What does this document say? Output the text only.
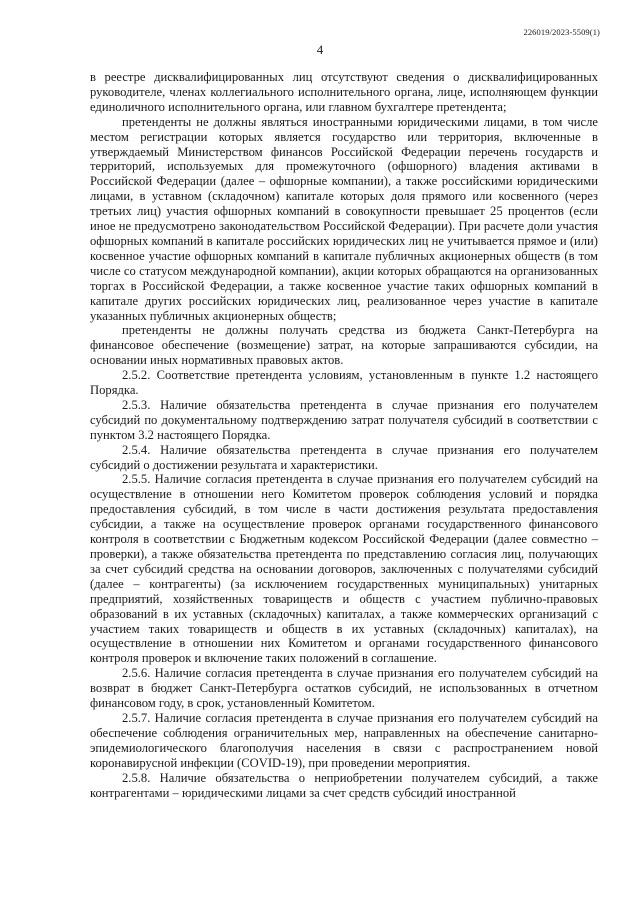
226019/2023-5509(1)
4

в реестре дисквалифицированных лиц отсутствуют сведения о дисквалифицированных руководителе, членах коллегиального исполнительного органа, лице, исполняющем функции единоличного исполнительного органа, или главном бухгалтере претендента;

претенденты не должны являться иностранными юридическими лицами, в том числе местом регистрации которых является государство или территория, включенные в утверждаемый Министерством финансов Российской Федерации перечень государств и территорий, используемых для промежуточного (офшорного) владения активами в Российской Федерации (далее – офшорные компании), а также российскими юридическими лицами, в уставном (складочном) капитале которых доля прямого или косвенного (через третьих лиц) участия офшорных компаний в совокупности превышает 25 процентов (если иное не предусмотрено законодательством Российской Федерации). При расчете доли участия офшорных компаний в капитале российских юридических лиц не учитывается прямое и (или) косвенное участие офшорных компаний в капитале публичных акционерных обществ (в том числе со статусом международной компании), акции которых обращаются на организованных торгах в Российской Федерации, а также косвенное участие таких офшорных компаний в капитале других российских юридических лиц, реализованное через участие в капитале указанных публичных акционерных обществ;

претенденты не должны получать средства из бюджета Санкт-Петербурга на финансовое обеспечение (возмещение) затрат, на которые запрашиваются субсидии, на основании иных нормативных правовых актов.

2.5.2. Соответствие претендента условиям, установленным в пункте 1.2 настоящего Порядка.

2.5.3. Наличие обязательства претендента в случае признания его получателем субсидий по документальному подтверждению затрат получателя субсидий в соответствии с пунктом 3.2 настоящего Порядка.

2.5.4. Наличие обязательства претендента в случае признания его получателем субсидий о достижении результата и характеристики.

2.5.5. Наличие согласия претендента в случае признания его получателем субсидий на осуществление в отношении него Комитетом проверок соблюдения условий и порядка предоставления субсидий, в том числе в части достижения результата предоставления субсидии, а также на осуществление проверок органами государственного финансового контроля в соответствии с Бюджетным кодексом Российской Федерации (далее совместно – проверки), а также обязательства претендента по представлению согласия лиц, получающих за счет субсидий средства на основании договоров, заключенных с получателями субсидий (далее – контрагенты) (за исключением государственных муниципальных) унитарных предприятий, хозяйственных товариществ и обществ с участием публично-правовых образований в их уставных (складочных) капиталах, а также коммерческих организаций с участием таких товариществ и обществ в их уставных (складочных) капиталах), на осуществление в отношении них Комитетом и органами государственного финансового контроля проверок и включение таких положений в соглашение.

2.5.6. Наличие согласия претендента в случае признания его получателем субсидий на возврат в бюджет Санкт-Петербурга остатков субсидий, не использованных в отчетном финансовом году, в срок, установленный Комитетом.

2.5.7. Наличие согласия претендента в случае признания его получателем субсидий на обеспечение соблюдения ограничительных мер, направленных на обеспечение санитарно-эпидемиологического благополучия населения в связи с распространением новой коронавирусной инфекции (COVID-19), при проведении мероприятия.

2.5.8. Наличие обязательства о неприобретении получателем субсидий, а также контрагентами – юридическими лицами за счет средств субсидий иностранной
